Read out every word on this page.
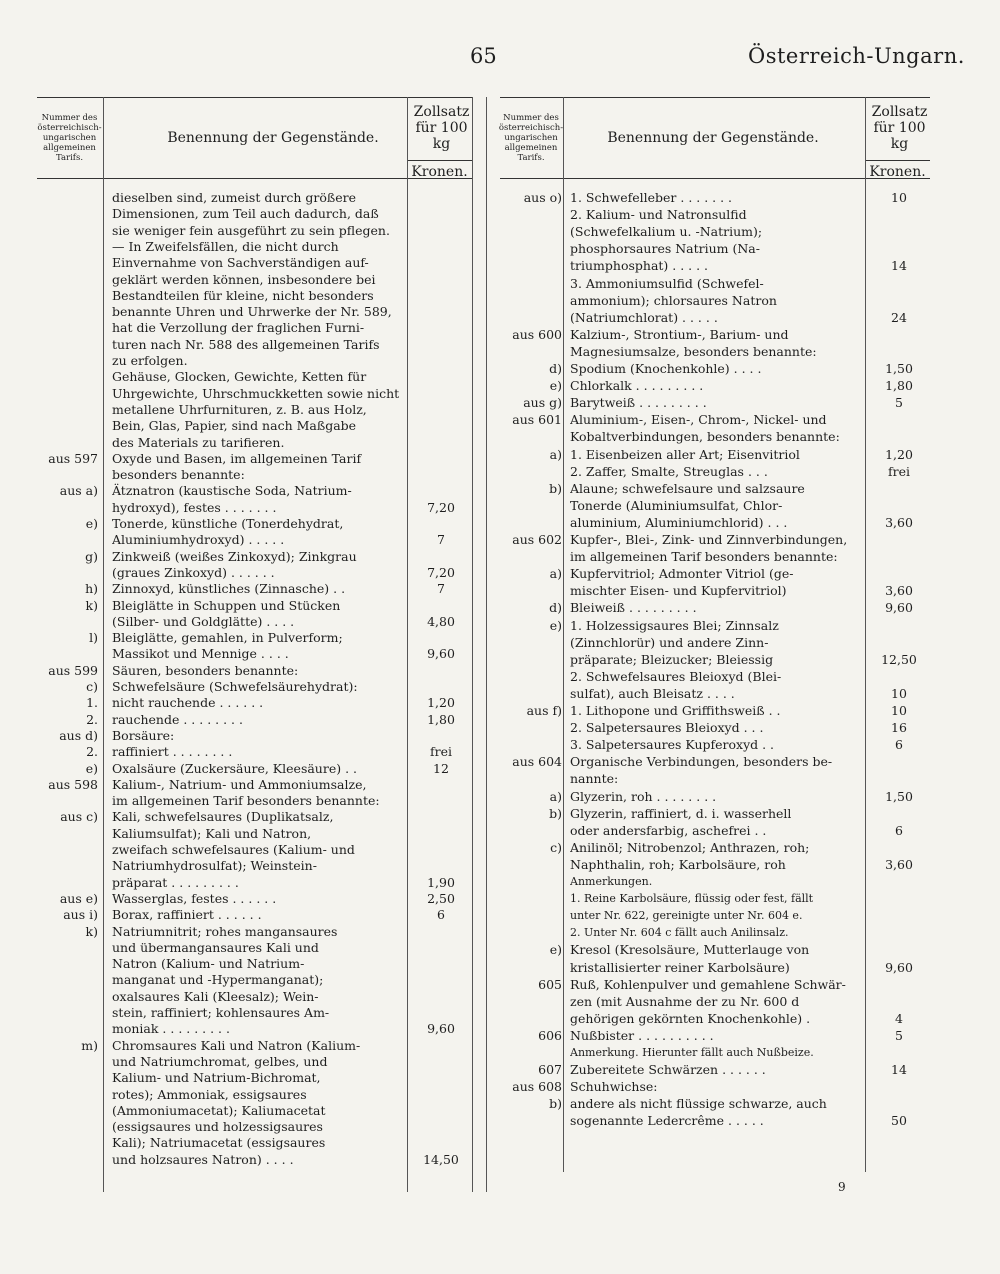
65	Österreich-Ungarn.
Nummer des österreichisch-ungarischen allgemeinen Tarifs.
Benennung der Gegenstände.
Zollsatz für 100 kg
Kronen.
Nummer des österreichisch-ungarischen allgemeinen Tarifs.
Benennung der Gegenstände.
Zollsatz für 100 kg
Kronen.
dieselben sind, zumeist durch größere
Dimensionen, zum Teil auch dadurch, daß
sie weniger fein ausgeführt zu sein pflegen.
— In Zweifelsfällen, die nicht durch
Einvernahme von Sachverständigen auf-
geklärt werden können, insbesondere bei
Bestandteilen für kleine, nicht besonders
benannte Uhren und Uhrwerke der Nr. 589,
hat die Verzollung der fraglichen Furni-
turen nach Nr. 588 des allgemeinen Tarifs
zu erfolgen.
Gehäuse, Glocken, Gewichte, Ketten für
Uhrgewichte, Uhrschmuckketten sowie nicht
metallene Uhrfurnituren, z. B. aus Holz,
Bein, Glas, Papier, sind nach Maßgabe
des Materials zu tarifieren.
aus 597 Oxyde und Basen, im allgemeinen Tarif
besonders benannte:
aus a) Ätznatron (kaustische Soda, Natrium-
hydroxyd), festes . . . . . . .	7,20
e) Tonerde, künstliche (Tonerdehydrat,
Aluminiumhydroxyd) . . . . .	7
g) Zinkweiß (weißes Zinkoxyd); Zinkgrau
(graues Zinkoxyd) . . . . . .	7,20
h) Zinnoxyd, künstliches (Zinnasche) . .	7
k) Bleiglätte in Schuppen und Stücken
(Silber- und Goldglätte) . . . .	4,80
l) Bleiglätte, gemahlen, in Pulverform;
Massikot und Mennige . . . .	9,60
aus 599 Säuren, besonders benannte:
c) Schwefelsäure (Schwefelsäurehydrat):
1. nicht rauchende . . . . . .	1,20
2. rauchende . . . . . . . .	1,80
aus d) Borsäure:
2. raffiniert . . . . . . . .	frei
e) Oxalsäure (Zuckersäure, Kleesäure) . .	12
aus 598 Kalium-, Natrium- und Ammoniumsalze,
im allgemeinen Tarif besonders benannte:
aus c) Kali, schwefelsaures (Duplikatsalz,
Kaliumsulfat); Kali und Natron,
zweifach schwefelsaures (Kalium- und
Natriumhydrosulfat); Weinstein-
präparat . . . . . . . . .	1,90
aus e) Wasserglas, festes . . . . . .	2,50
aus i) Borax, raffiniert . . . . . .	6
k) Natriumnitrit; rohes mangansaures
und übermangansaures Kali und
Natron (Kalium- und Natrium-
manganat und -Hypermanganat);
oxalsaures Kali (Kleesalz); Wein-
stein, raffiniert; kohlensaures Am-
moniak . . . . . . . . .	9,60
m) Chromsaures Kali und Natron (Kalium-
und Natriumchromat, gelbes, und
Kalium- und Natrium-Bichromat,
rotes); Ammoniak, essigsaures
(Ammoniumacetat); Kaliumacetat
(essigsaures und holzessigsaures
Kali); Natriumacetat (essigsaures
und holzsaures Natron) . . . .	14,50
aus o) 1. Schwefelleber . . . . . . .	10
2. Kalium- und Natronsulfid
(Schwefelkalium u. -Natrium);
phosphorsaures Natrium (Na-
triumphosphat) . . . . .	14
3. Ammoniumsulfid (Schwefel-
ammonium); chlorsaures Natron
(Natriumchlorat) . . . . .	24
aus 600 Kalzium-, Strontium-, Barium- und
Magnesiumsalze, besonders benannte:
d) Spodium (Knochenkohle) . . . .	1,50
e) Chlorkalk . . . . . . . . .	1,80
aus g) Barytweiß . . . . . . . . .	5
aus 601 Aluminium-, Eisen-, Chrom-, Nickel- und
Kobaltverbindungen, besonders benannte:
a) 1. Eisenbeizen aller Art; Eisenvitriol	1,20
2. Zaffer, Smalte, Streuglas . . .	frei
b) Alaune; schwefelsaure und salzsaure
Tonerde (Aluminiumsulfat, Chlor-
aluminium, Aluminiumchlorid) . . .	3,60
aus 602 Kupfer-, Blei-, Zink- und Zinnverbindungen,
im allgemeinen Tarif besonders benannte:
a) Kupfervitriol; Admonter Vitriol (ge-
mischter Eisen- und Kupfervitriol)	3,60
d) Bleiweiß . . . . . . . . .	9,60
e) 1. Holzessigsaures Blei; Zinnsalz
(Zinnchlorür) und andere Zinn-
präparate; Bleizucker; Bleiessig	12,50
2. Schwefelsaures Bleioxyd (Blei-
sulfat), auch Bleisatz . . . .	10
aus f) 1. Lithopone und Griffithsweiß . .	10
2. Salpetersaures Bleioxyd . . .	16
3. Salpetersaures Kupferoxyd . .	6
aus 604 Organische Verbindungen, besonders be-
nannte:
a) Glyzerin, roh . . . . . . . .	1,50
b) Glyzerin, raffiniert, d. i. wasserhell
oder andersfarbig, aschefrei . .	6
c) Anilinöl; Nitrobenzol; Anthrazen, roh;
Naphthalin, roh; Karbolsäure, roh	3,60
Anmerkungen.
1. Reine Karbolsäure, flüssig oder fest, fällt
unter Nr. 622, gereinigte unter Nr. 604 e.
2. Unter Nr. 604 c fällt auch Anilinsalz.
e) Kresol (Kresolsäure, Mutterlauge von
kristallisierter reiner Karbolsäure)	9,60
605 Ruß, Kohlenpulver und gemahlene Schwär-
zen (mit Ausnahme der zu Nr. 600 d
gehörigen gekörnten Knochenkohle) .	4
606 Nußbister . . . . . . . . . .	5
Anmerkung. Hierunter fällt auch Nußbeize.
607 Zubereitete Schwärzen . . . . . .	14
aus 608 Schuhwichse:
b) andere als nicht flüssige schwarze, auch
sogenannte Ledercrême . . . . .	50
9
